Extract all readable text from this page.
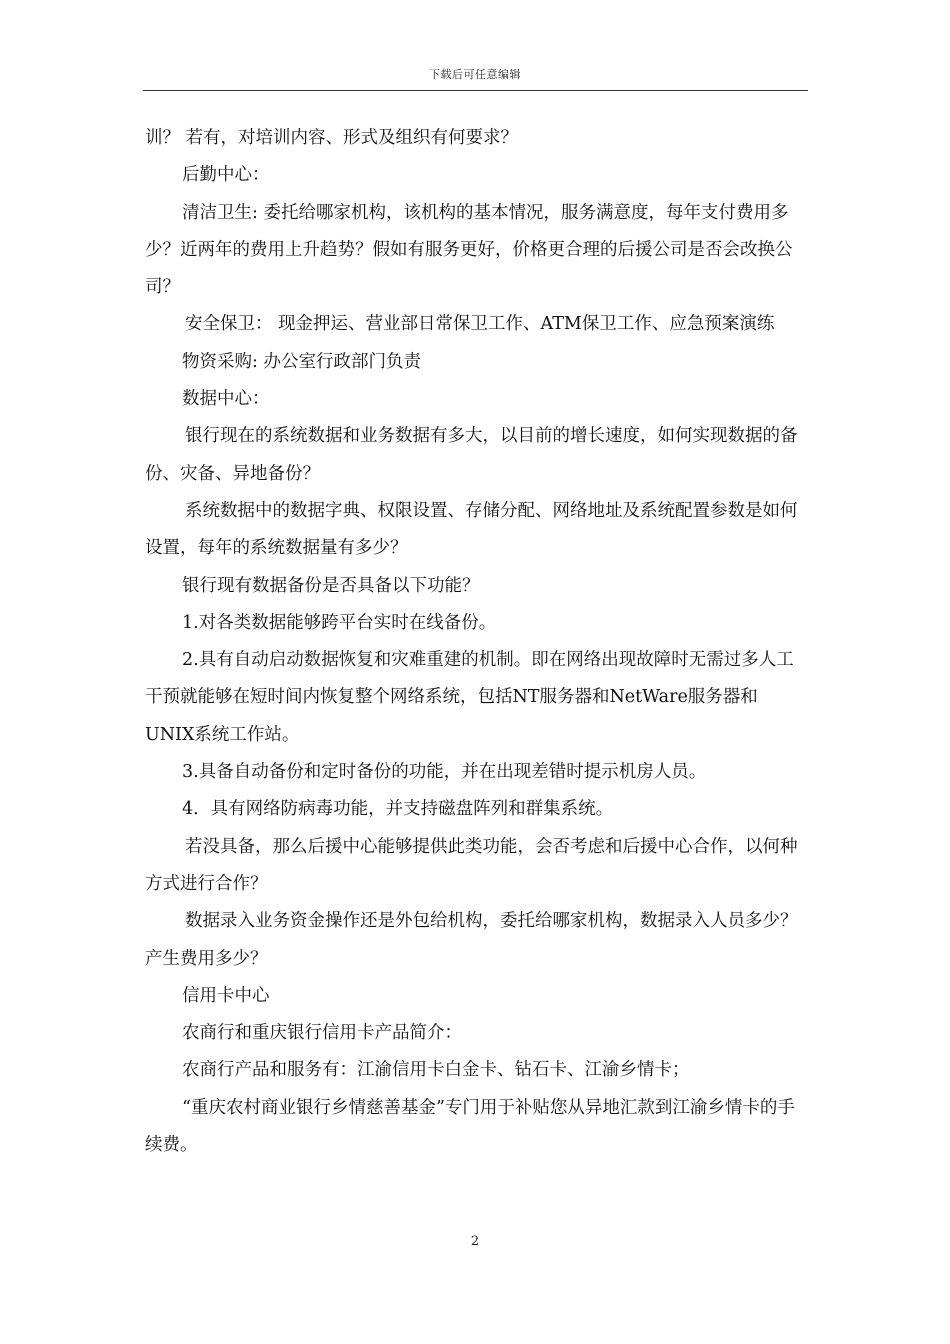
下载后可任意编辑

训？ 若有，对培训内容、形式及组织有何要求？

后勤中心：

清洁卫生: 委托给哪家机构，该机构的基本情况，服务满意度，每年支付费用多少？近两年的费用上升趋势？假如有服务更好，价格更合理的后援公司是否会改换公司？

安全保卫： 现金押运、营业部日常保卫工作、ATM保卫工作、应急预案演练

物资采购: 办公室行政部门负责

数据中心：

银行现在的系统数据和业务数据有多大，以目前的增长速度，如何实现数据的备份、灾备、异地备份？

系统数据中的数据字典、权限设置、存储分配、网络地址及系统配置参数是如何设置，每年的系统数据量有多少？

银行现有数据备份是否具备以下功能？

1.对各类数据能够跨平台实时在线备份。

2.具有自动启动数据恢复和灾难重建的机制。即在网络出现故障时无需过多人工干预就能够在短时间内恢复整个网络系统，包括NT服务器和NetWare服务器和UNIX系统工作站。

3.具备自动备份和定时备份的功能，并在出现差错时提示机房人员。

4．具有网络防病毒功能，并支持磁盘阵列和群集系统。

若没具备，那么后援中心能够提供此类功能，会否考虑和后援中心合作，以何种方式进行合作？

数据录入业务资金操作还是外包给机构，委托给哪家机构，数据录入人员多少？产生费用多少？

信用卡中心

农商行和重庆银行信用卡产品简介：

农商行产品和服务有：江渝信用卡白金卡、钻石卡、江渝乡情卡；

“重庆农村商业银行乡情慈善基金”专门用于补贴您从异地汇款到江渝乡情卡的手续费。

2
